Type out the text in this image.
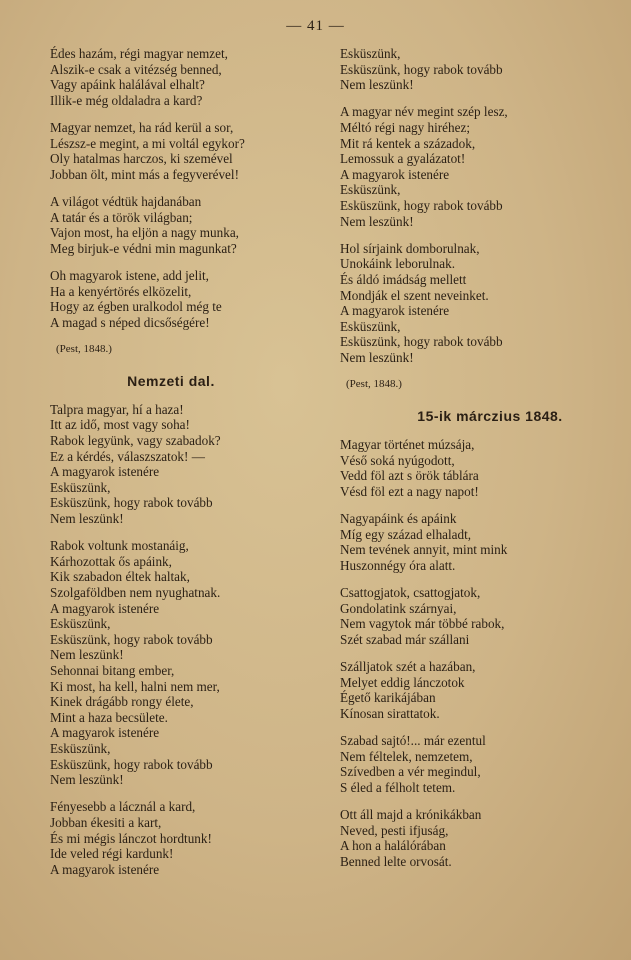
— 41 —
Édes hazám, régi magyar nemzet,
Alszik-e csak a vitézség benned,
Vagy apáink halálával elhalt?
Illik-e még oldaladra a kard?
Magyar nemzet, ha rád kerül a sor,
Lészsz-e megint, a mi voltál egykor?
Oly hatalmas harczos, ki szemével
Jobban ölt, mint más a fegyverével!
A világot védtük hajdanában
A tatár és a török világban;
Vajon most, ha eljön a nagy munka,
Meg birjuk-e védni min magunkat?
Oh magyarok istene, add jelit,
Ha a kenyértörés elközelit,
Hogy az égben uralkodol még te
A magad s néped dicsőségére!
(Pest, 1848.)
Nemzeti dal.
Talpra magyar, hí a haza!
Itt az idő, most vagy soha!
Rabok legyünk, vagy szabadok?
Ez a kérdés, válaszszatok! —
A magyarok istenére
Esküszünk,
Esküszünk, hogy rabok tovább
Nem leszünk!
Rabok voltunk mostanáig,
Kárhozottak ős apáink,
Kik szabadon éltek haltak,
Szolgaföldben nem nyughatnak.
A magyarok istenére
Esküszünk,
Esküszünk, hogy rabok tovább
Nem leszünk!
Sehonnai bitang ember,
Ki most, ha kell, halni nem mer,
Kinek drágább rongy élete,
Mint a haza becsülete.
A magyarok istenére
Esküszünk,
Esküszünk, hogy rabok tovább
Nem leszünk!
Fényesebb a lácznál a kard,
Jobban ékesiti a kart,
És mi mégis lánczot hordtunk!
Ide veled régi kardunk!
A magyarok istenére
Esküszünk,
Esküszünk, hogy rabok tovább
Nem leszünk!
A magyar név megint szép lesz,
Méltó régi nagy hiréhez;
Mit rá kentek a századok,
Lemossuk a gyalázatot!
A magyarok istenére
Esküszünk,
Esküszünk, hogy rabok tovább
Nem leszünk!
Hol sírjaink domborulnak,
Unokáink leborulnak.
És áldó imádság mellett
Mondják el szent neveinket.
A magyarok istenére
Esküszünk,
Esküszünk, hogy rabok tovább
Nem leszünk!
(Pest, 1848.)
15-ik márczius 1848.
Magyar történet múzsája,
Véső soká nyúgodott,
Vedd föl azt s örök táblára
Vésd föl ezt a nagy napot!
Nagyapáink és apáink
Míg egy század elhaladt,
Nem tevének annyit, mint mink
Huszonnégy óra alatt.
Csattogjatok, csattogjatok,
Gondolatink szárnyai,
Nem vagytok már többé rabok,
Szét szabad már szállani
Szálljatok szét a hazában,
Melyet eddig lánczotok
Égető karikájában
Kínosan sirattatok.
Szabad sajtó!... már ezentul
Nem féltelek, nemzetem,
Szívedben a vér megindul,
S éled a félholt tetem.
Ott áll majd a krónikákban
Neved, pesti ifjuság,
A hon a halálórában
Benned lelte orvosát.
